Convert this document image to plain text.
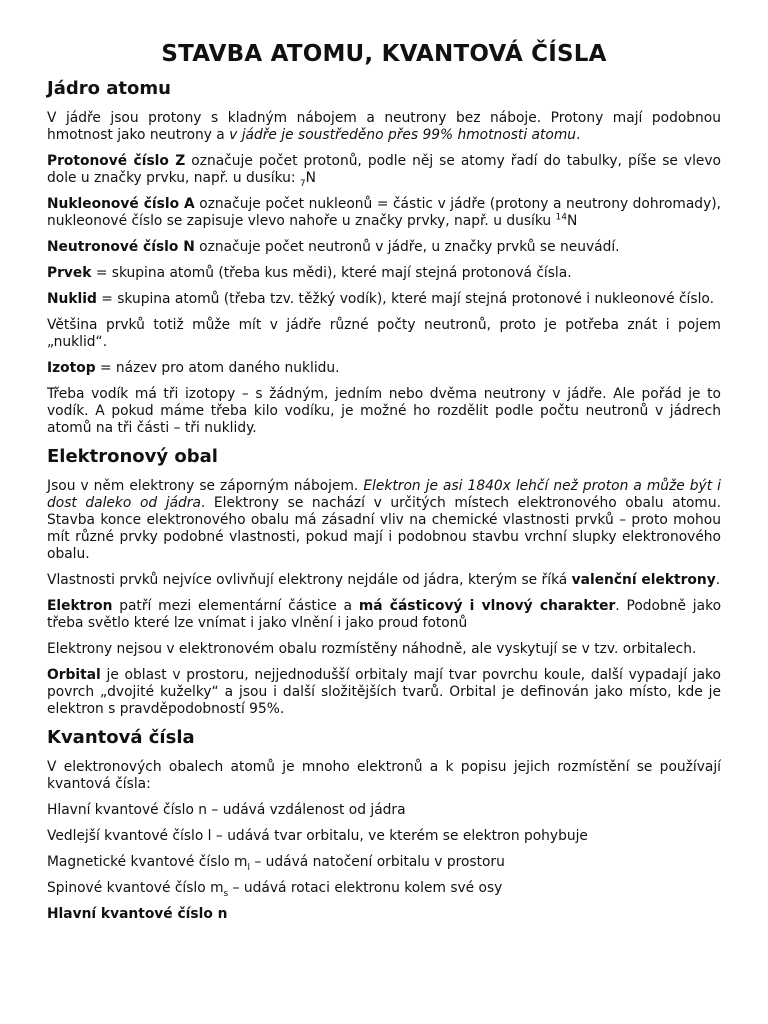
STAVBA ATOMU, KVANTOVÁ ČÍSLA
Jádro atomu

V jádře jsou protony s kladným nábojem a neutrony bez náboje. Protony mají podobnou hmotnost jako neutrony a v jádře je soustředěno přes 99% hmotnosti atomu.

Protonové číslo Z označuje počet protonů, podle něj se atomy řadí do tabulky, píše se vlevo dole u značky prvku, např. u dusíku: $_7$N

Nukleonové číslo A označuje počet nukleonů = částic v jádře (protony a neutrony dohromady), nukleonové číslo se zapisuje vlevo nahoře u značky prvky, např. u dusíku $^{14}$N

Neutronové číslo N označuje počet neutronů v jádře, u značky prvků se neuvádí.

Prvek = skupina atomů (třeba kus mědi), které mají stejná protonová čísla.

Nuklid = skupina atomů (třeba tzv. těžký vodík), které mají stejná protonové i nukleonové číslo.

Většina prvků totiž může mít v jádře různé počty neutronů, proto je potřeba znát i pojem „nuklid“.

Izotop = název pro atom daného nuklidu.

Třeba vodík má tři izotopy – s žádným, jedním nebo dvěma neutrony v jádře. Ale pořád je to vodík. A pokud máme třeba kilo vodíku, je možné ho rozdělit podle počtu neutronů v jádrech atomů na tři části – tři nuklidy.

Elektronový obal

Jsou v něm elektrony se záporným nábojem. Elektron je asi 1840x lehčí než proton a může být i dost daleko od jádra. Elektrony se nachází v určitých místech elektronového obalu atomu. Stavba konce elektronového obalu má zásadní vliv na chemické vlastnosti prvků – proto mohou mít různé prvky podobné vlastnosti, pokud mají i podobnou stavbu vrchní slupky elektronového obalu.

Vlastnosti prvků nejvíce ovlivňují elektrony nejdále od jádra, kterým se říká valenční elektrony.

Elektron patří mezi elementární částice a má částicový i vlnový charakter. Podobně jako třeba světlo které lze vnímat i jako vlnění i jako proud fotonů

Elektrony nejsou v elektronovém obalu rozmístěny náhodně, ale vyskytují se v tzv. orbitalech.

Orbital je oblast v prostoru, nejjednodušší orbitaly mají tvar povrchu koule, další vypadají jako povrch „dvojité kuželky“ a jsou i další složitějších tvarů. Orbital je definován jako místo, kde je elektron s pravděpodobností 95%.

Kvantová čísla

V elektronových obalech atomů je mnoho elektronů a k popisu jejich rozmístění se používají kvantová čísla:

Hlavní kvantové číslo n – udává vzdálenost od jádra

Vedlejší kvantové číslo l – udává tvar orbitalu, ve kterém se elektron pohybuje

Magnetické kvantové číslo $m_l$ – udává natočení orbitalu v prostoru

Spinové kvantové číslo $m_s$ – udává rotaci elektronu kolem své osy

Hlavní kvantové číslo n
